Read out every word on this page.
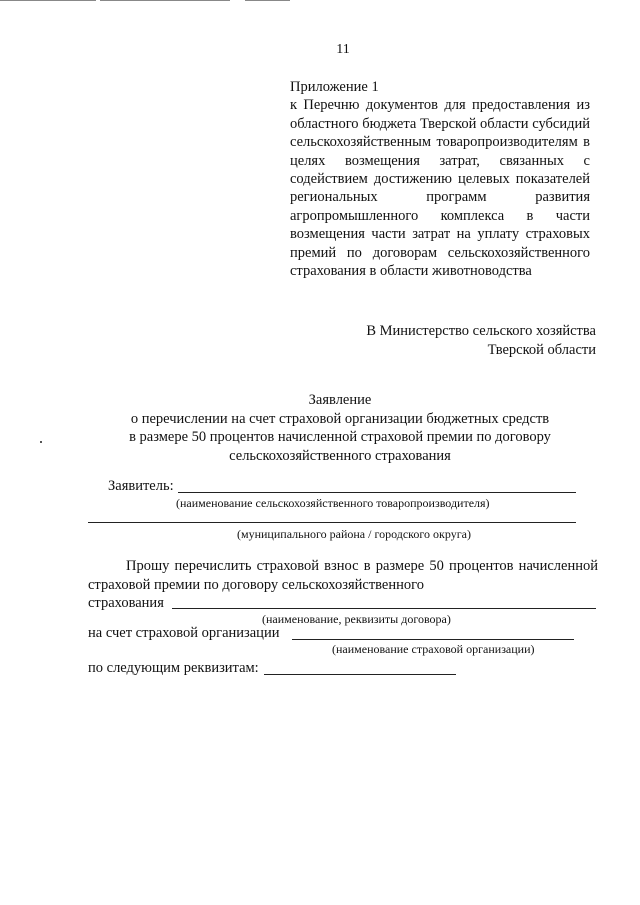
11

Приложение 1

к Перечню документов для предоставления из областного бюджета Тверской области субсидий сельскохозяйственным товаропроизводителям в целях возмещения затрат, связанных с содействием достижению целевых показателей региональных программ развития агропромышленного комплекса в части возмещения части затрат на уплату страховых премий по договорам сельскохозяйственного страхования в области животноводства

В Министерство сельского хозяйства
Тверской области
Заявление
о перечислении на счет страховой организации бюджетных средств
в размере 50 процентов начисленной страховой премии по договору
сельскохозяйственного страхования
Заявитель:
(наименование сельскохозяйственного товаропроизводителя)
(муниципального района / городского округа)
Прошу перечислить страховой взнос в размере 50 процентов начисленной страховой премии по договору сельскохозяйственного
страхования
(наименование, реквизиты договора)
на счет страховой организации
(наименование страховой организации)
по следующим реквизитам:
